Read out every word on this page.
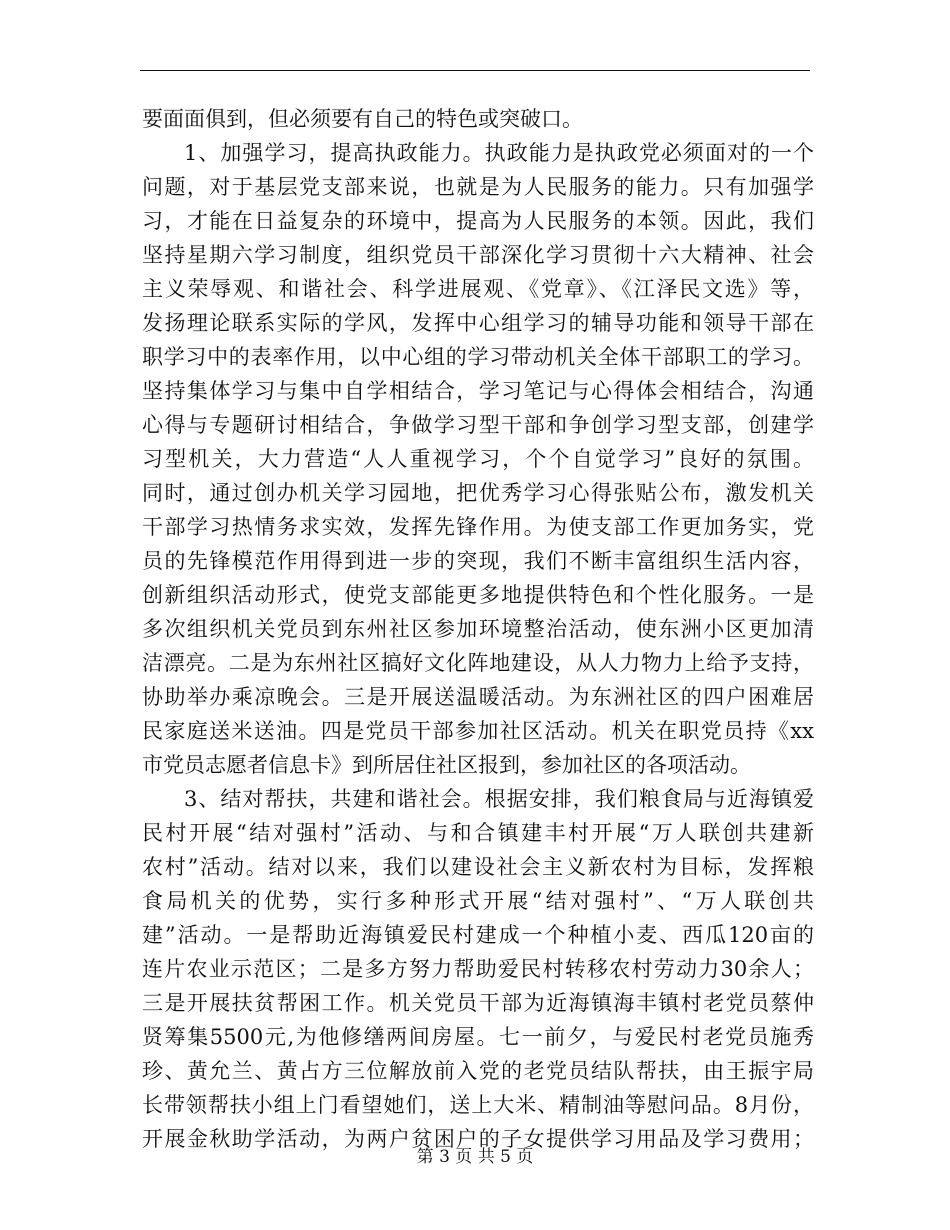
要面面俱到，但必须要有自己的特色或突破口。
1、加强学习，提高执政能力。执政能力是执政党必须面对的一个
问题，对于基层党支部来说，也就是为人民服务的能力。只有加强学
习，才能在日益复杂的环境中，提高为人民服务的本领。因此，我们
坚持星期六学习制度，组织党员干部深化学习贯彻十六大精神、社会
主义荣辱观、和谐社会、科学进展观、《党章》、《江泽民文选》等，
发扬理论联系实际的学风，发挥中心组学习的辅导功能和领导干部在
职学习中的表率作用，以中心组的学习带动机关全体干部职工的学习。
坚持集体学习与集中自学相结合，学习笔记与心得体会相结合，沟通
心得与专题研讨相结合，争做学习型干部和争创学习型支部，创建学
习型机关，大力营造“人人重视学习，个个自觉学习”良好的氛围。
同时，通过创办机关学习园地，把优秀学习心得张贴公布，激发机关
干部学习热情务求实效，发挥先锋作用。为使支部工作更加务实，党
员的先锋模范作用得到进一步的突现，我们不断丰富组织生活内容，
创新组织活动形式，使党支部能更多地提供特色和个性化服务。一是
多次组织机关党员到东州社区参加环境整治活动，使东洲小区更加清
洁漂亮。二是为东州社区搞好文化阵地建设，从人力物力上给予支持，
协助举办乘凉晚会。三是开展送温暖活动。为东洲社区的四户困难居
民家庭送米送油。四是党员干部参加社区活动。机关在职党员持《xx
市党员志愿者信息卡》到所居住社区报到，参加社区的各项活动。
3、结对帮扶，共建和谐社会。根据安排，我们粮食局与近海镇爱
民村开展“结对强村”活动、与和合镇建丰村开展“万人联创共建新
农村”活动。结对以来，我们以建设社会主义新农村为目标，发挥粮
食局机关的优势，实行多种形式开展“结对强村”、“万人联创共
建”活动。一是帮助近海镇爱民村建成一个种植小麦、西瓜120亩的
连片农业示范区；二是多方努力帮助爱民村转移农村劳动力30余人；
三是开展扶贫帮困工作。机关党员干部为近海镇海丰镇村老党员蔡仲
贤筹集5500元,为他修缮两间房屋。七一前夕，与爱民村老党员施秀
珍、黄允兰、黄占方三位解放前入党的老党员结队帮扶，由王振宇局
长带领帮扶小组上门看望她们，送上大米、精制油等慰问品。8月份，
开展金秋助学活动，为两户贫困户的子女提供学习用品及学习费用；
第 3 页 共 5 页
